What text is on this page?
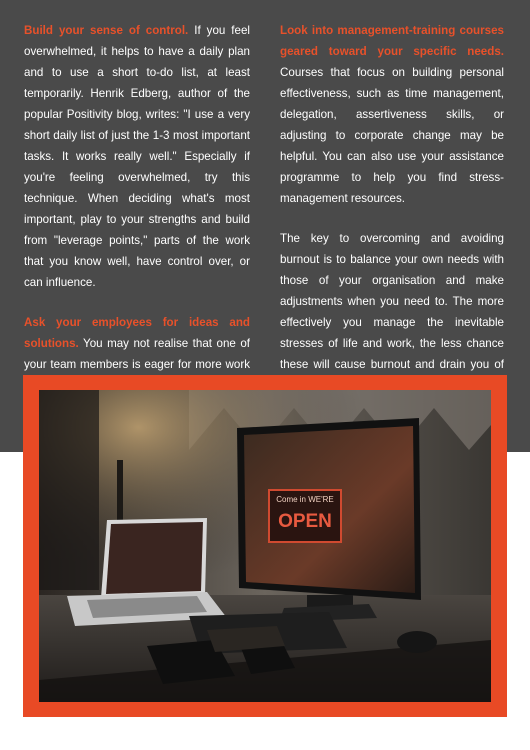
Build your sense of control. If you feel overwhelmed, it helps to have a daily plan and to use a short to-do list, at least temporarily. Henrik Edberg, author of the popular Positivity blog, writes: "I use a very short daily list of just the 1-3 most important tasks. It works really well." Especially if you're feeling overwhelmed, try this technique. When deciding what's most important, play to your strengths and build from "leverage points," parts of the work that you know well, have control over, or can influence.

Ask your employees for ideas and solutions. You may not realise that one of your team members is eager for more work

Look into management-training courses geared toward your specific needs. Courses that focus on building personal effectiveness, such as time management, delegation, assertiveness skills, or adjusting to corporate change may be helpful. You can also use your assistance programme to help you find stress-management resources.

The key to overcoming and avoiding burnout is to balance your own needs with those of your organisation and make adjustments when you need to. The more effectively you manage the inevitable stresses of life and work, the less chance these will cause burnout and drain you of

Come in WE'RE
OPEN
